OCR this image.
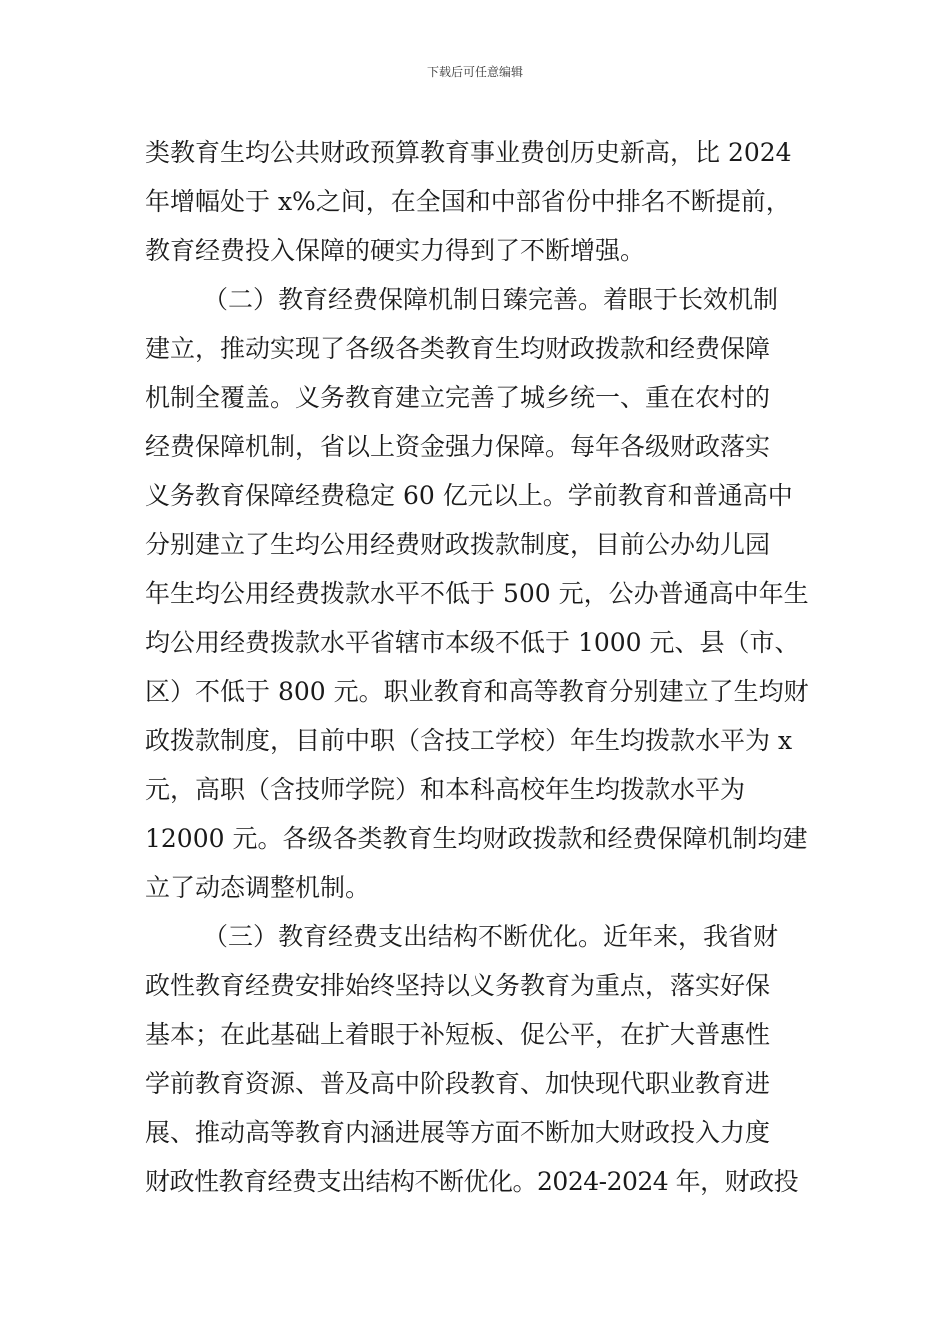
下载后可任意编辑
类教育生均公共财政预算教育事业费创历史新高，比 2024
年增幅处于 x%之间，在全国和中部省份中排名不断提前，
教育经费投入保障的硬实力得到了不断增强。
（二）教育经费保障机制日臻完善。着眼于长效机制
建立，推动实现了各级各类教育生均财政拨款和经费保障
机制全覆盖。义务教育建立完善了城乡统一、重在农村的
经费保障机制，省以上资金强力保障。每年各级财政落实
义务教育保障经费稳定 60 亿元以上。学前教育和普通高中
分别建立了生均公用经费财政拨款制度，目前公办幼儿园
年生均公用经费拨款水平不低于 500 元，公办普通高中年生
均公用经费拨款水平省辖市本级不低于 1000 元、县（市、
区）不低于 800 元。职业教育和高等教育分别建立了生均财
政拨款制度，目前中职（含技工学校）年生均拨款水平为 x
元，高职（含技师学院）和本科高校年生均拨款水平为
12000 元。各级各类教育生均财政拨款和经费保障机制均建
立了动态调整机制。
（三）教育经费支出结构不断优化。近年来，我省财
政性教育经费安排始终坚持以义务教育为重点，落实好保
基本；在此基础上着眼于补短板、促公平，在扩大普惠性
学前教育资源、普及高中阶段教育、加快现代职业教育进
展、推动高等教育内涵进展等方面不断加大财政投入力度
财政性教育经费支出结构不断优化。2024-2024 年，财政投
